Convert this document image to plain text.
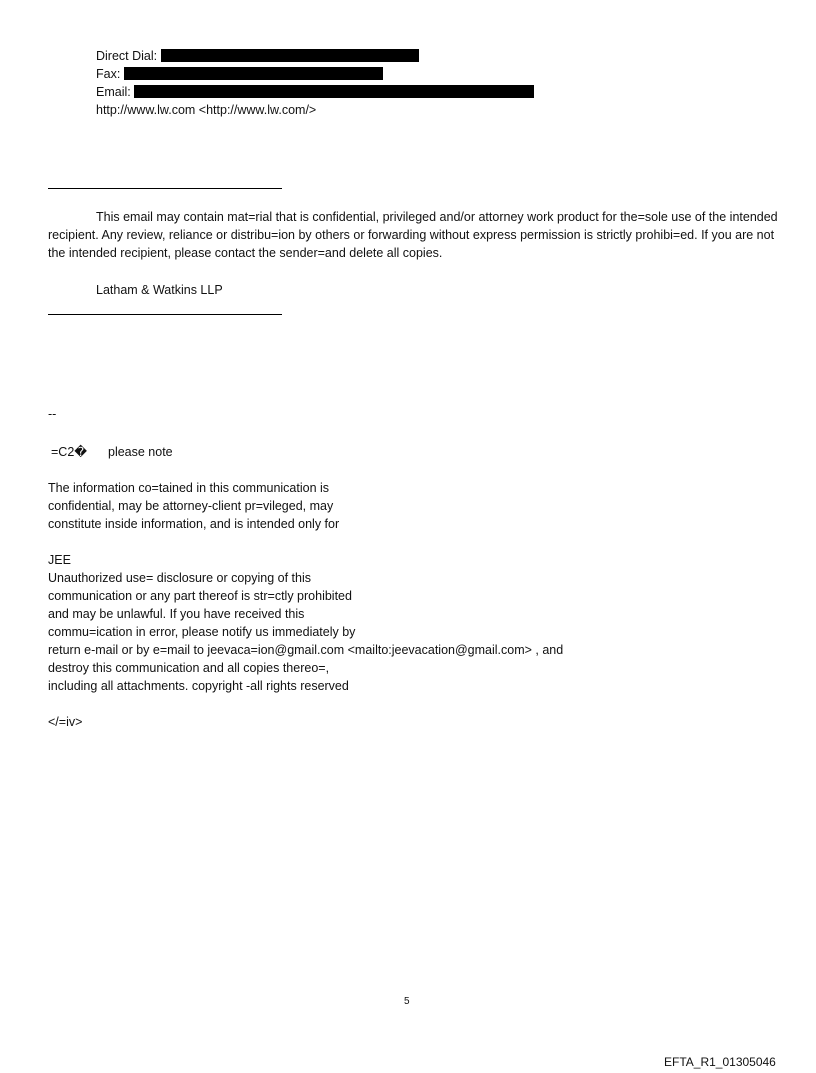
Direct Dial:
Fax:
Email:
http://www.lw.com <http://www.lw.com/>
This email may contain mat=rial that is confidential, privileged and/or attorney work product for the=sole use of the intended recipient. Any review, reliance or distribu=ion by others or forwarding without express permission is strictly prohibi=ed. If you are not the intended recipient, please contact the sender=and delete all copies.
Latham & Watkins LLP
--
=C2� please note
The information co=tained in this communication is
confidential, may be attorney-client pr=vileged, may
constitute inside information, and is intended only for
JEE
Unauthorized use= disclosure or copying of this
communication or any part thereof is str=ctly prohibited
and may be unlawful. If you have received this
commu=ication in error, please notify us immediately by
return e-mail or by e=mail to jeevaca=ion@gmail.com <mailto:jeevacation@gmail.com> , and
destroy this communication and all copies thereo=,
including all attachments. copyright -all rights reserved
</=iv>
5
EFTA_R1_01305046
